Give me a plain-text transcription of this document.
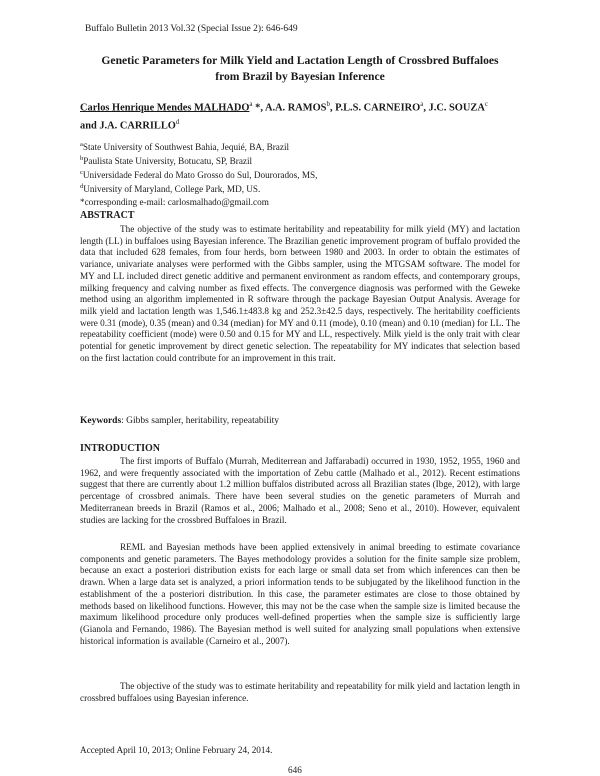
Buffalo Bulletin 2013 Vol.32 (Special Issue 2): 646-649
Genetic Parameters for Milk Yield and Lactation Length of Crossbred Buffaloes
from Brazil by Bayesian Inference
Carlos Henrique Mendes MALHADO$^a$ *, A.A. RAMOS$^b$, P.L.S. CARNEIRO$^a$, J.C. SOUZA$^c$
and J.A. CARRILLO$^d$
$^a$State University of Southwest Bahia, Jequié, BA, Brazil
$^b$Paulista State University, Botucatu, SP, Brazil
$^c$Universidade Federal do Mato Grosso do Sul, Dourorados, MS,
$^d$University of Maryland, College Park, MD, US.
*corresponding e-mail: carlosmalhado@gmail.com
ABSTRACT

The objective of the study was to estimate heritability and repeatability for milk yield (MY) and lactation length (LL) in buffaloes using Bayesian inference. The Brazilian genetic improvement program of buffalo provided the data that included 628 females, from four herds, born between 1980 and 2003. In order to obtain the estimates of variance, univariate analyses were performed with the Gibbs sampler, using the MTGSAM software. The model for MY and LL included direct genetic additive and permanent environment as random effects, and contemporary groups, milking frequency and calving number as fixed effects. The convergence diagnosis was performed with the Geweke method using an algorithm implemented in R software through the package Bayesian Output Analysis. Average for milk yield and lactation length was 1,546.1±483.8 kg and 252.3±42.5 days, respectively. The heritability coefficients were 0.31 (mode), 0.35 (mean) and 0.34 (median) for MY and 0.11 (mode), 0.10 (mean) and 0.10 (median) for LL. The repeatability coefficient (mode) were 0.50 and 0.15 for MY and LL, respectively. Milk yield is the only trait with clear potential for genetic improvement by direct genetic selection. The repeatability for MY indicates that selection based on the first lactation could contribute for an improvement in this trait.

Keywords: Gibbs sampler, heritability, repeatability
INTRODUCTION

The first imports of Buffalo (Murrah, Mediterrean and Jaffarabadi) occurred in 1930, 1952, 1955, 1960 and 1962, and were frequently associated with the importation of Zebu cattle (Malhado et al., 2012). Recent estimations suggest that there are currently about 1.2 million buffalos distributed across all Brazilian states (Ibge, 2012), with large percentage of crossbred animals. There have been several studies on the genetic parameters of Murrah and Mediterranean breeds in Brazil (Ramos et al., 2006; Malhado et al., 2008; Seno et al., 2010). However, equivalent studies are lacking for the crossbred Buffaloes in Brazil.

REML and Bayesian methods have been applied extensively in animal breeding to estimate covariance components and genetic parameters. The Bayes methodology provides a solution for the finite sample size problem, because an exact a posteriori distribution exists for each large or small data set from which inferences can then be drawn. When a large data set is analyzed, a priori information tends to be subjugated by the likelihood function in the establishment of the a posteriori distribution. In this case, the parameter estimates are close to those obtained by methods based on likelihood functions. However, this may not be the case when the sample size is limited because the maximum likelihood procedure only produces well-defined properties when the sample size is sufficiently large (Gianola and Fernando, 1986). The Bayesian method is well suited for analyzing small populations when extensive historical information is available (Carneiro et al., 2007).

The objective of the study was to estimate heritability and repeatability for milk yield and lactation length in crossbred buffaloes using Bayesian inference.

Accepted April 10, 2013; Online February 24, 2014.
646
